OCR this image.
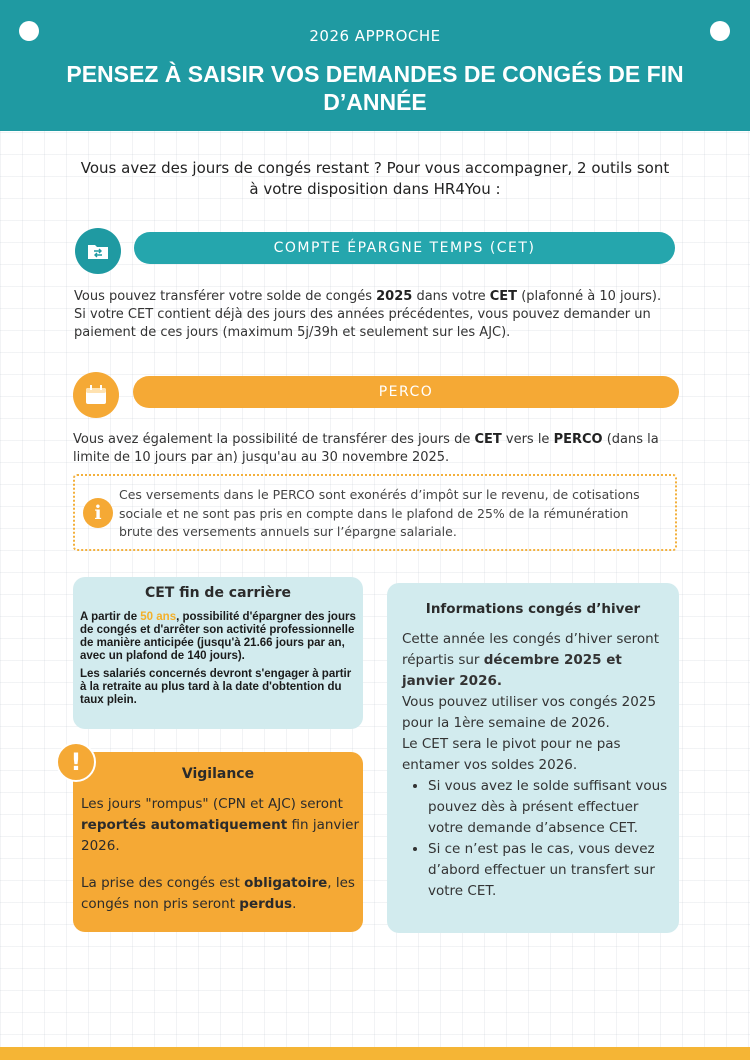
2026 APPROCHE
PENSEZ À SAISIR VOS DEMANDES DE CONGÉS DE FIN D’ANNÉE
Vous avez des jours de congés restant ? Pour vous accompagner, 2 outils sont à votre disposition dans HR4You :
COMPTE ÉPARGNE TEMPS (CET)
Vous pouvez transférer votre solde de congés 2025 dans votre CET (plafonné à 10 jours). Si votre CET contient déjà des jours des années précédentes, vous pouvez demander un paiement de ces jours (maximum 5j/39h et seulement sur les AJC).
PERCO
Vous avez également la possibilité de transférer des jours de CET vers le PERCO (dans la limite de 10 jours par an) jusqu'au au 30 novembre 2025.
i
Ces versements dans le PERCO sont exonérés d’impôt sur le revenu, de cotisations sociale et ne sont pas pris en compte dans le plafond de 25% de la rémunération brute des versements annuels sur l’épargne salariale.
CET fin de carrière

A partir de 50 ans, possibilité d'épargner des jours de congés et d'arrêter son activité professionnelle de manière anticipée (jusqu'à 21.66 jours par an, avec un plafond de 140 jours).

Les salariés concernés devront s'engager à partir à la retraite au plus tard à la date d'obtention du taux plein.

Vigilance

Les jours "rompus" (CPN et AJC) seront reportés automatiquement fin janvier 2026.

La prise des congés est obligatoire, les congés non pris seront perdus.

!
Informations congés d’hiver

Cette année les congés d’hiver seront répartis sur décembre 2025 et janvier 2026.

Vous pouvez utiliser vos congés 2025 pour la 1ère semaine de 2026.

Le CET sera le pivot pour ne pas entamer vos soldes 2026.

• Si vous avez le solde suffisant vous pouvez dès à présent effectuer votre demande d’absence CET.
• Si ce n’est pas le cas, vous devez d’abord effectuer un transfert sur votre CET.
